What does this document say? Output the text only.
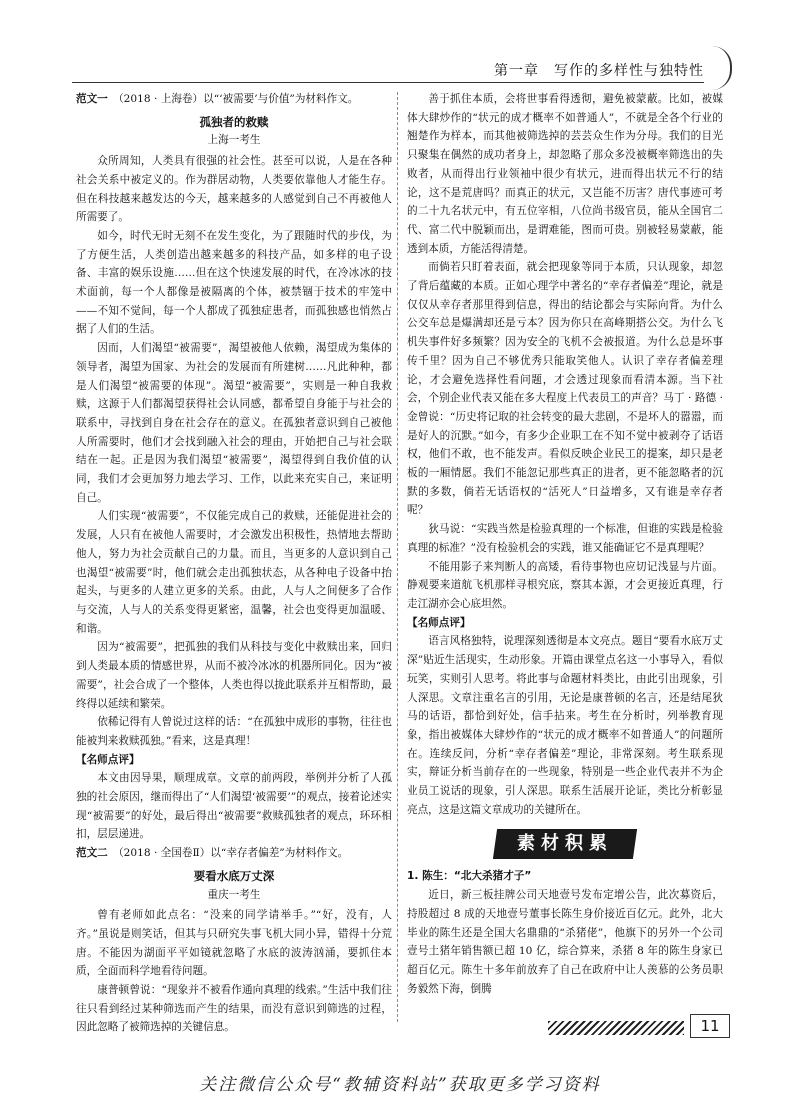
第一章　写作的多样性与独特性

范文一　 （2018 · 上海卷）以“‘被需要’与价值”为材料作文。

孤独者的救赎

上海一考生

众所周知，人类具有很强的社会性。甚至可以说，人是在各种社会关系中被定义的。作为群居动物，人类要依靠他人才能生存。但在科技越来越发达的今天，越来越多的人感觉到自己不再被他人所需要了。

如今，时代无时无刻不在发生变化，为了跟随时代的步伐，为了方便生活，人类创造出越来越多的科技产品，如多样的电子设备、丰富的娱乐设施……但在这个快速发展的时代，在冷冰冰的技术面前，每一个人都像是被隔离的个体，被禁锢于技术的牢笼中——不知不觉间，每一个人都成了孤独症患者，而孤独感也悄然占据了人们的生活。

因而，人们渴望“被需要”，渴望被他人依赖，渴望成为集体的领导者，渴望为国家、为社会的发展而有所建树……凡此种种，都是人们渴望“被需要的体现”。渴望“被需要”，实则是一种自我救赎，这源于人们都渴望获得社会认同感，都希望自身能于与社会的联系中，寻找到自身在社会存在的意义。在孤独者意识到自己被他人所需要时，他们才会找到融入社会的理由，开始把自己与社会联结在一起。正是因为我们渴望“被需要”，渴望得到自我价值的认同，我们才会更加努力地去学习、工作，以此来充实自己，来证明自己。

人们实现“被需要”，不仅能完成自己的救赎，还能促进社会的发展，人只有在被他人需要时，才会激发出积极性，热情地去帮助他人，努力为社会贡献自己的力量。而且，当更多的人意识到自己也渴望“被需要”时，他们就会走出孤独状态，从各种电子设备中抬起头，与更多的人建立更多的关系。由此，人与人之间便多了合作与交流，人与人的关系变得更紧密，温馨，社会也变得更加温暖、和谐。

因为“被需要”，把孤独的我们从科技与变化中救赎出来，回归到人类最本质的情感世界，从而不被冷冰冰的机器所同化。因为“被需要”，社会合成了一个整体，人类也得以拢此联系并互相帮助，最终得以延续和繁荣。

依稀记得有人曾说过这样的话：“在孤独中成形的事物，往往也能被判来救赎孤独。”看来，这是真理！

【名师点评】

本文由因导果，顺理成章。文章的前两段，举例并分析了人孤独的社会原因，继而得出了“人们渴望‘被需要’”的观点，接着论述实现“被需要”的好处，最后得出“被需要”救赎孤独者的观点，环环相扣，层层递进。

范文二　 （2018 · 全国卷Ⅱ）以“幸存者偏差”为材料作文。

要看水底万丈深

重庆一考生

曾有老师如此点名：“没来的同学请举手。”“好，没有，人齐。”虽说是则笑话，但其与只研究失事飞机大同小异，错得十分荒唐。不能因为湖面平平如镜就忽略了水底的波涛汹涌，要抓住本质，全面而科学地看待问题。

康普顿曾说：“现象并不被看作通向真理的线索。”生活中我们往往只看到经过某种筛选而产生的结果，而没有意识到筛选的过程，因此忽略了被筛选掉的关键信息。

善于抓住本质，会将世事看得透彻，避免被蒙蔽。比如，被媒体大肆炒作的“状元的成才概率不如普通人”，不就是全各个行业的翘楚作为样本，而其他被筛选掉的芸芸众生作为分母。我们的目光只聚集在偶然的成功者身上，却忽略了那众多没被概率筛选出的失败者，从而得出行业领袖中很少有状元，进而得出状元不行的结论，这不是荒唐吗？而真正的状元，又岂能不历害？唐代事迹可考的二十九名状元中，有五位宰相，八位尚书级官员，能从全国官二代、富二代中脱颖而出，是谓难能，图而可贵。别被轻易蒙蔽，能透到本质，方能活得清楚。

而倘若只盯着表面，就会把现象等同于本质，只认现象，却忽了背后蕴藏的本质。正如心理学中著名的“幸存者偏差”理论，就是仅仅从幸存者那里得到信息，得出的结论都会与实际向背。为什么公交车总是爆满却还是亏本？因为你只在高峰期搭公交。为什么飞机失事件好多频繁？因为安全的飞机不会被报道。为什么总是坏事传千里？因为自己不够优秀只能取笑他人。认识了幸存者偏差理论，才会避免选择性看问题，才会透过现象而看清本源。当下社会，个别企业代表又能在多大程度上代表员工的声音？马丁 · 路德 · 金曾说：“历史将记取的社会转变的最大悲剧，不是坏人的嚣嚣，而是好人的沉默。”如今，有多少企业职工在不知不觉中被剥夺了话语权，他们不敢，也不能发声。看似反映企业民工的提案，却只是老板的一厢情愿。我们不能忽记那些真正的进者，更不能忽略者的沉默的多数，倘若无话语权的“活死人”日益增多，又有谁是幸存者呢？

狄马说：“实践当然是检验真理的一个标准，但谁的实践是检验真理的标准？”没有检验机会的实践，谁又能确证它不是真理呢？

不能用影子来判断人的高矮，看待事物也应切记浅显与片面。静观要来道航飞机那样寻根究底，察其本源，才会更接近真理，行走江湖亦会心底坦然。

【名师点评】

语言风格独特，说理深刻透彻是本文亮点。题目“要看水底万丈深”贴近生活现实，生动形象。开篇由课堂点名这一小事导入，看似玩笑，实则引人思考。将此事与命题材料类比，由此引出现象，引人深思。文章注重名言的引用，无论是康普顿的名言，还是结尾狄马的话语，都恰到好处，信手拈来。考生在分析时，列举教育现象，指出被媒体大肆炒作的“状元的成才概率不如普通人”的问题所在。连续反问，分析“幸存者偏差”理论，非常深刻。考生联系现实，辩证分析当前存在的一些现象，特别是一些企业代表并不为企业员工说话的现象，引人深思。联系生活展开论证，类比分析彰显亮点，这是这篇文章成功的关键所在。

素材积累

1. 陈生：“北大杀猪才子”

近日，新三板挂牌公司天地壹号发布定增公告，此次募资后，持股超过 8 成的天地壹号董事长陈生身价接近百亿元。此外，北大毕业的陈生还是全国大名鼎鼎的“杀猪佬”，他旗下的另外一个公司壹号土猪年销售额已超 10 亿，综合算来，杀猪 8 年的陈生身家已超百亿元。陈生十多年前放弃了自己在政府中让人羡慕的公务员职务毅然下海，倒腾

11
关注微信公众号“教辅资料站”获取更多学习资料
